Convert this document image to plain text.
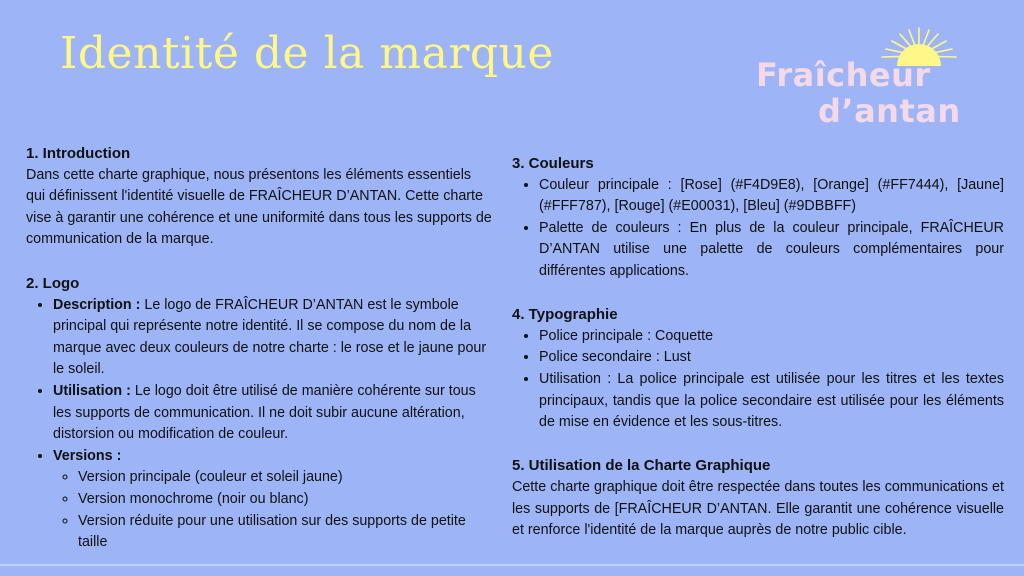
Identité de la marque	Fraîcheur
d’antan
1. Introduction

Dans cette charte graphique, nous présentons les éléments essentiels qui définissent l'identité visuelle de FRAÎCHEUR D’ANTAN. Cette charte vise à garantir une cohérence et une uniformité dans tous les supports de communication de la marque.

2. Logo
• Description : Le logo de FRAÎCHEUR D’ANTAN est le symbole principal qui représente notre identité. Il se compose du nom de la marque avec deux couleurs de notre charte : le rose et le jaune pour le soleil.
• Utilisation : Le logo doit être utilisé de manière cohérente sur tous les supports de communication. Il ne doit subir aucune altération, distorsion ou modification de couleur.
• Versions :
◦ Version principale (couleur et soleil jaune)
◦ Version monochrome (noir ou blanc)
◦ Version réduite pour une utilisation sur des supports de petite taille
3. Couleurs
• Couleur principale : [Rose] (#F4D9E8), [Orange] (#FF7444), [Jaune] (#FFF787), [Rouge] (#E00031), [Bleu] (#9DBBFF)
• Palette de couleurs : En plus de la couleur principale, FRAÎCHEUR D’ANTAN utilise une palette de couleurs complémentaires pour différentes applications.
4. Typographie
• Police principale : Coquette
• Police secondaire : Lust
• Utilisation : La police principale est utilisée pour les titres et les textes principaux, tandis que la police secondaire est utilisée pour les éléments de mise en évidence et les sous-titres.
5. Utilisation de la Charte Graphique

Cette charte graphique doit être respectée dans toutes les communications et les supports de [FRAÎCHEUR D’ANTAN. Elle garantit une cohérence visuelle et renforce l'identité de la marque auprès de notre public cible.
